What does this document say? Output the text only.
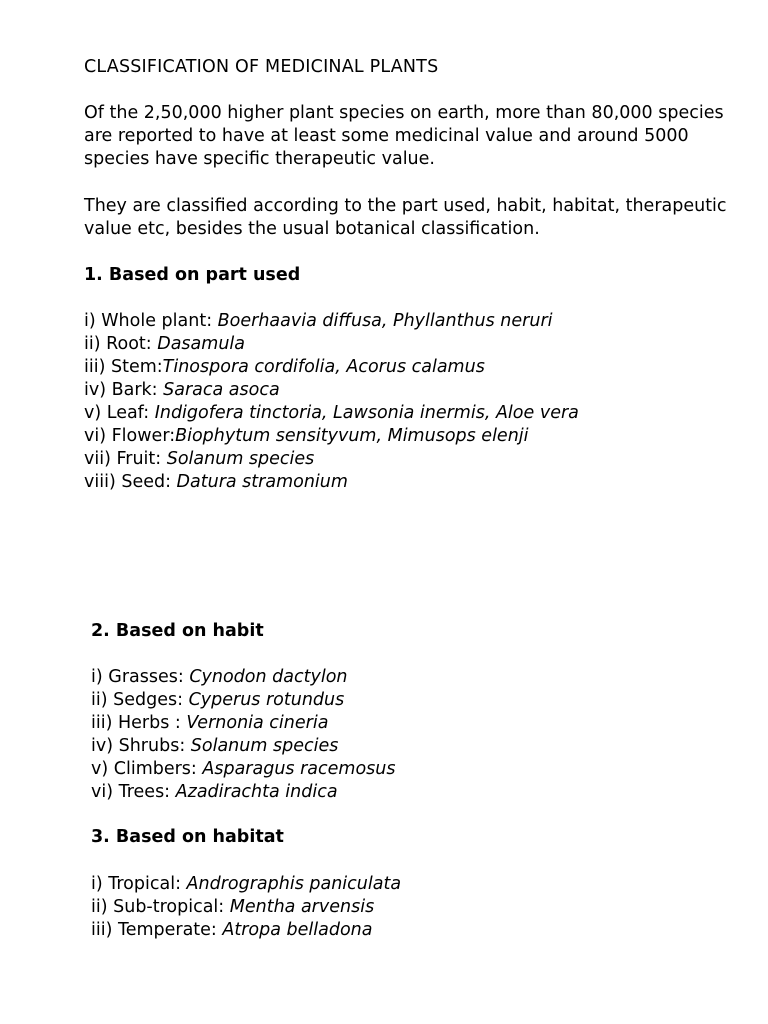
CLASSIFICATION OF MEDICINAL PLANTS

Of the 2,50,000 higher plant species on earth, more than 80,000 species are reported to have at least some medicinal value and around 5000 species have specific therapeutic value.

They are classified according to the part used, habit, habitat, therapeutic value etc, besides the usual botanical classification.

1. Based on part used
i) Whole plant: Boerhaavia diffusa, Phyllanthus neruri
ii) Root: Dasamula
iii) Stem:Tinospora cordifolia, Acorus calamus
iv) Bark: Saraca asoca
v) Leaf: Indigofera tinctoria, Lawsonia inermis, Aloe vera
vi) Flower:Biophytum sensityvum, Mimusops elenji
vii) Fruit: Solanum species
viii) Seed: Datura stramonium
2. Based on habit
i) Grasses: Cynodon dactylon
ii) Sedges: Cyperus rotundus
iii) Herbs : Vernonia cineria
iv) Shrubs: Solanum species
v) Climbers: Asparagus racemosus
vi) Trees: Azadirachta indica
3. Based on habitat
i) Tropical: Andrographis paniculata
ii) Sub-tropical: Mentha arvensis
iii) Temperate: Atropa belladona
